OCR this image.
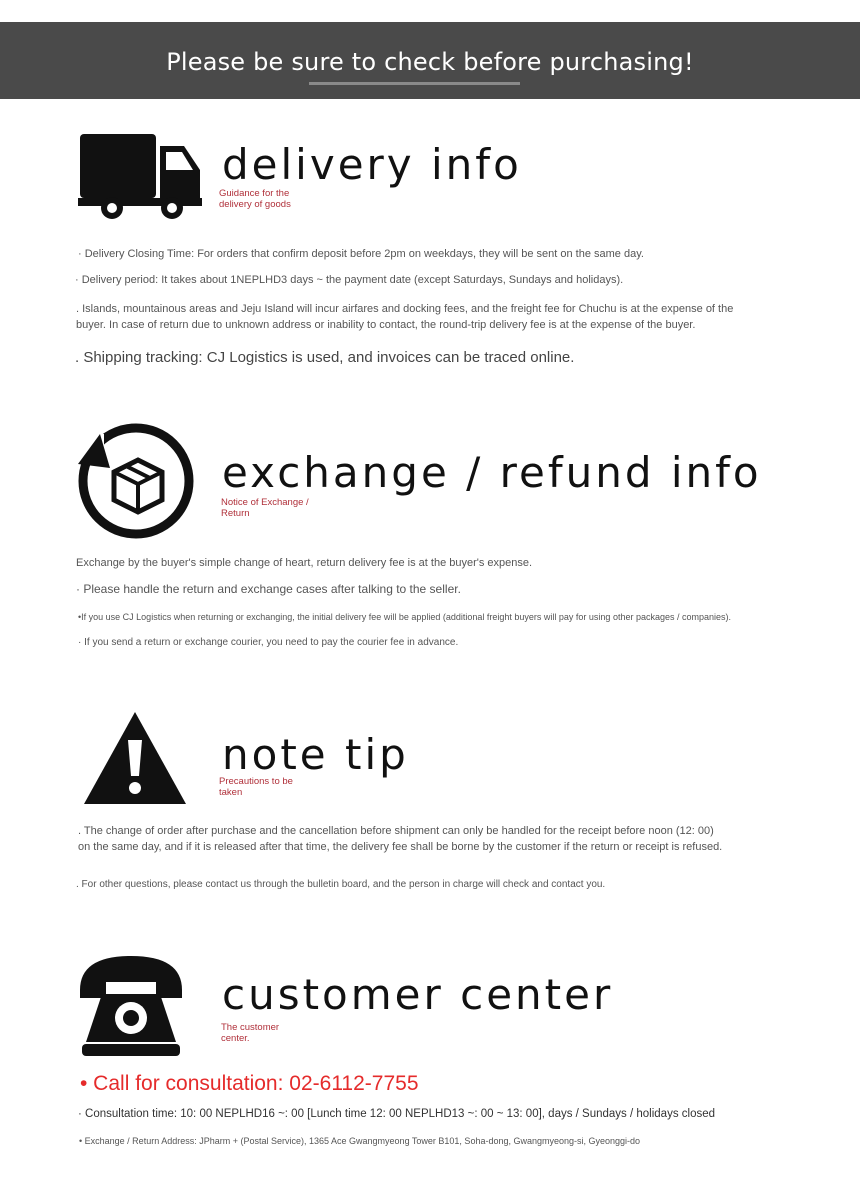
Please be sure to check before purchasing!
delivery info
Guidance for the delivery of goods
· Delivery Closing Time: For orders that confirm deposit before 2pm on weekdays, they will be sent on the same day.
· Delivery period: It takes about 1NEPLHD3 days ~ the payment date (except Saturdays, Sundays and holidays).
. Islands, mountainous areas and Jeju Island will incur airfares and docking fees, and the freight fee for Chuchu is at the expense of the buyer. In case of return due to unknown address or inability to contact, the round-trip delivery fee is at the expense of the buyer.
. Shipping tracking: CJ Logistics is used, and invoices can be traced online.
exchange / refund info
Notice of Exchange / Return
Exchange by the buyer's simple change of heart, return delivery fee is at the buyer's expense.
· Please handle the return and exchange cases after talking to the seller.
•If you use CJ Logistics when returning or exchanging, the initial delivery fee will be applied (additional freight buyers will pay for using other packages / companies).
· If you send a return or exchange courier, you need to pay the courier fee in advance.
note tip
Precautions to be taken
. The change of order after purchase and the cancellation before shipment can only be handled for the receipt before noon (12: 00) on the same day, and if it is released after that time, the delivery fee shall be borne by the customer if the return or receipt is refused.
. For other questions, please contact us through the bulletin board, and the person in charge will check and contact you.
customer center
The customer center.
• Call for consultation: 02-6112-7755
· Consultation time: 10: 00 NEPLHD16 ~: 00 [Lunch time 12: 00 NEPLHD13 ~: 00 ~ 13: 00], days / Sundays / holidays closed
• Exchange / Return Address: JPharm + (Postal Service), 1365 Ace Gwangmyeong Tower B101, Soha-dong, Gwangmyeong-si, Gyeonggi-do
